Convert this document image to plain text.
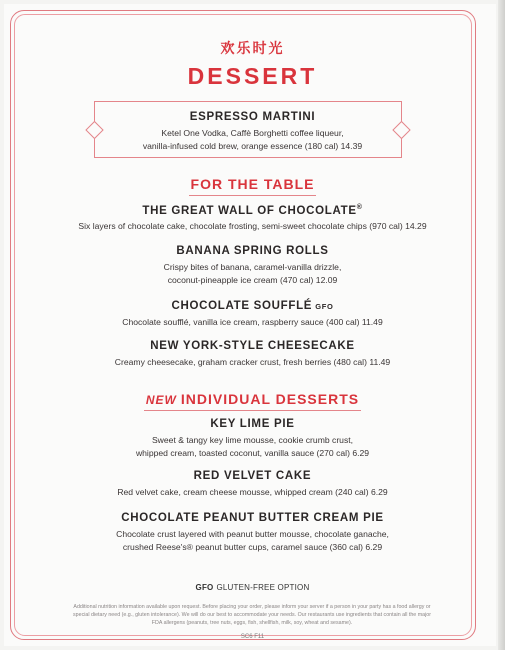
欢乐时光
DESSERT
ESPRESSO MARTINI
Ketel One Vodka, Caffè Borghetti coffee liqueur,
vanilla-infused cold brew, orange essence (180 cal) 14.39
FOR THE TABLE
THE GREAT WALL OF CHOCOLATE®
Six layers of chocolate cake, chocolate frosting, semi-sweet chocolate chips (970 cal) 14.29
BANANA SPRING ROLLS
Crispy bites of banana, caramel-vanilla drizzle,
coconut-pineapple ice cream (470 cal) 12.09
CHOCOLATE SOUFFLÉ GFO
Chocolate soufflé, vanilla ice cream, raspberry sauce (400 cal) 11.49
NEW YORK-STYLE CHEESECAKE
Creamy cheesecake, graham cracker crust, fresh berries (480 cal) 11.49
NEW INDIVIDUAL DESSERTS
KEY LIME PIE
Sweet & tangy key lime mousse, cookie crumb crust,
whipped cream, toasted coconut, vanilla sauce (270 cal) 6.29
RED VELVET CAKE
Red velvet cake, cream cheese mousse, whipped cream (240 cal) 6.29
CHOCOLATE PEANUT BUTTER CREAM PIE
Chocolate crust layered with peanut butter mousse, chocolate ganache,
crushed Reese's® peanut butter cups, caramel sauce (360 cal) 6.29
GFO GLUTEN-FREE OPTION
Additional nutrition information available upon request. Before placing your order, please inform your server if a person in your party has a food allergy or
special dietary need (e.g., gluten intolerance). We will do our best to accommodate your needs. Our restaurants use ingredients that contain all the major
FDA allergens (peanuts, tree nuts, eggs, fish, shellfish, milk, soy, wheat and sesame).
SC6 F11
